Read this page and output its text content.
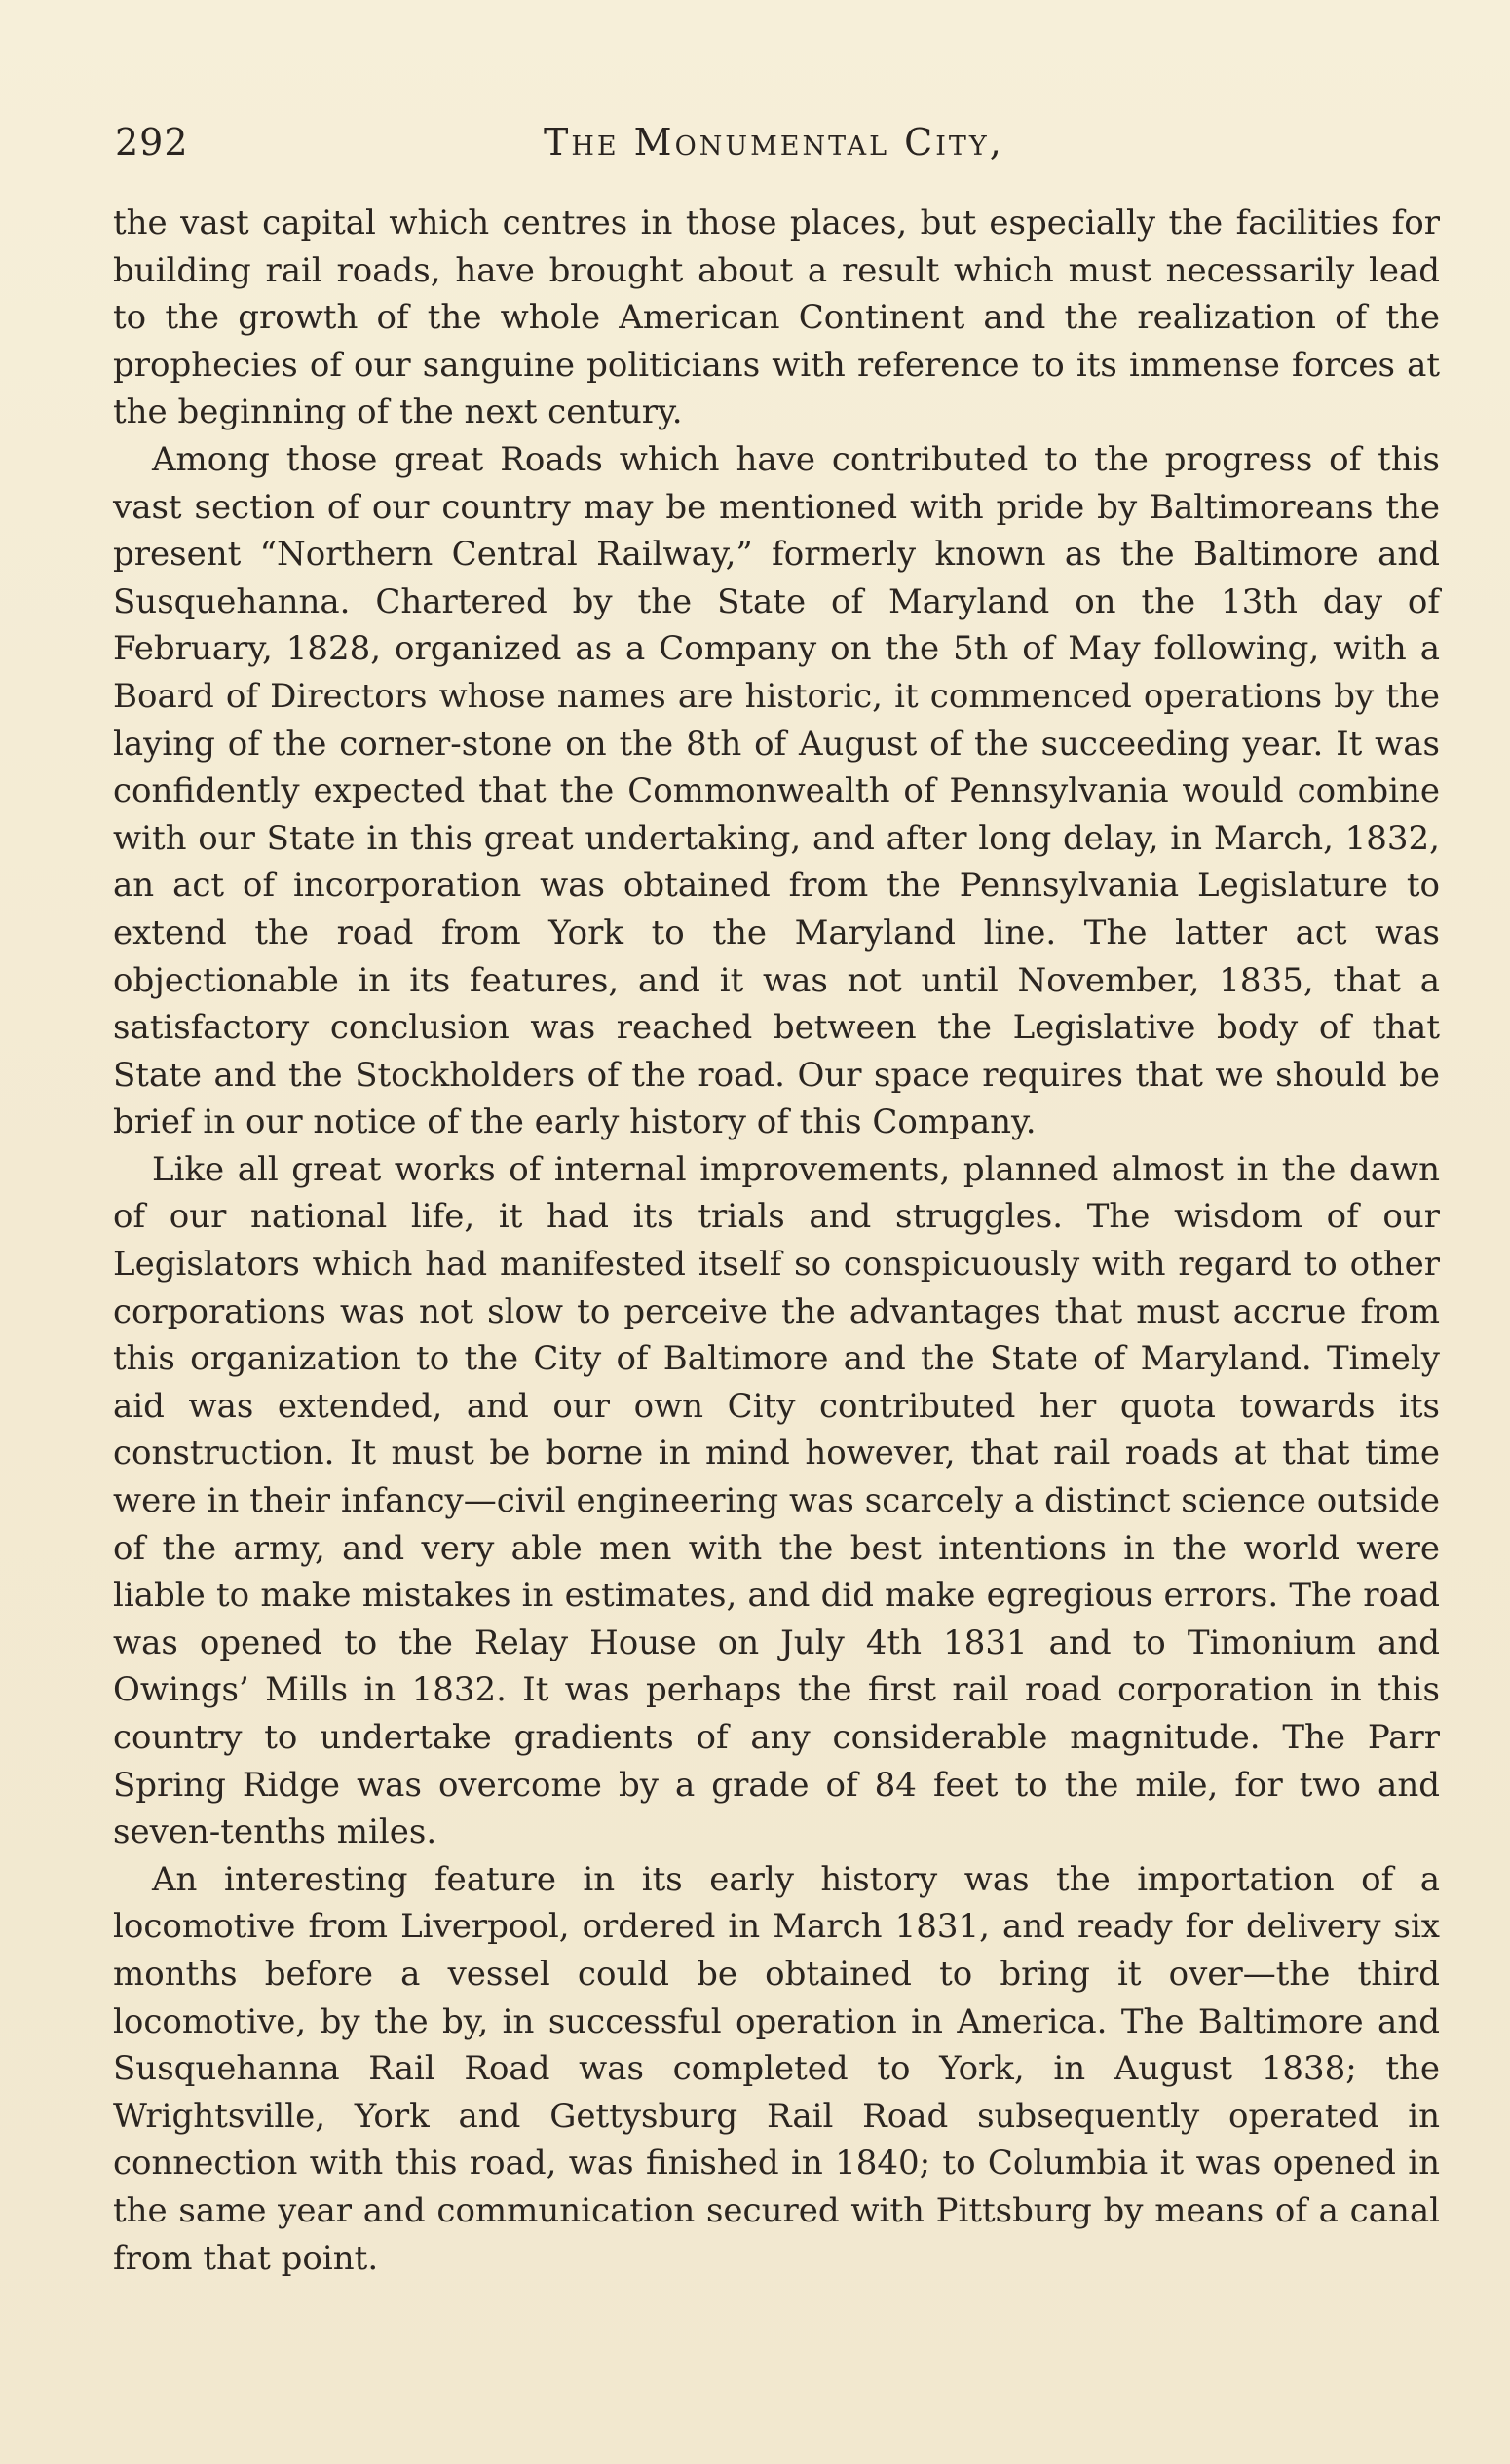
292	The Monumental City,

the vast capital which centres in those places, but especially the facilities for building rail roads, have brought about a result which must necessarily lead to the growth of the whole American Continent and the realization of the prophecies of our sanguine politicians with reference to its immense forces at the beginning of the next century.

Among those great Roads which have contributed to the progress of this vast section of our country may be mentioned with pride by Baltimoreans the present “Northern Central Railway,” formerly known as the Baltimore and Susquehanna. Chartered by the State of Maryland on the 13th day of February, 1828, organized as a Company on the 5th of May following, with a Board of Directors whose names are historic, it commenced operations by the laying of the corner-stone on the 8th of August of the succeeding year. It was confidently expected that the Commonwealth of Pennsylvania would combine with our State in this great undertaking, and after long delay, in March, 1832, an act of incorporation was obtained from the Pennsylvania Legislature to extend the road from York to the Maryland line. The latter act was objectionable in its features, and it was not until November, 1835, that a satisfactory conclusion was reached between the Legislative body of that State and the Stockholders of the road. Our space requires that we should be brief in our notice of the early history of this Company.

Like all great works of internal improvements, planned almost in the dawn of our national life, it had its trials and struggles. The wisdom of our Legislators which had manifested itself so conspicuously with regard to other corporations was not slow to perceive the advantages that must accrue from this organization to the City of Baltimore and the State of Maryland. Timely aid was extended, and our own City contributed her quota towards its construction. It must be borne in mind however, that rail roads at that time were in their infancy—civil engineering was scarcely a distinct science outside of the army, and very able men with the best intentions in the world were liable to make mistakes in estimates, and did make egregious errors. The road was opened to the Relay House on July 4th 1831 and to Timonium and Owings’ Mills in 1832. It was perhaps the first rail road corporation in this country to undertake gradients of any considerable magnitude. The Parr Spring Ridge was overcome by a grade of 84 feet to the mile, for two and seven-tenths miles.

An interesting feature in its early history was the importation of a locomotive from Liverpool, ordered in March 1831, and ready for delivery six months before a vessel could be obtained to bring it over—the third locomotive, by the by, in successful operation in America. The Baltimore and Susquehanna Rail Road was completed to York, in August 1838; the Wrightsville, York and Gettysburg Rail Road subsequently operated in connection with this road, was finished in 1840; to Columbia it was opened in the same year and communication secured with Pittsburg by means of a canal from that point.
